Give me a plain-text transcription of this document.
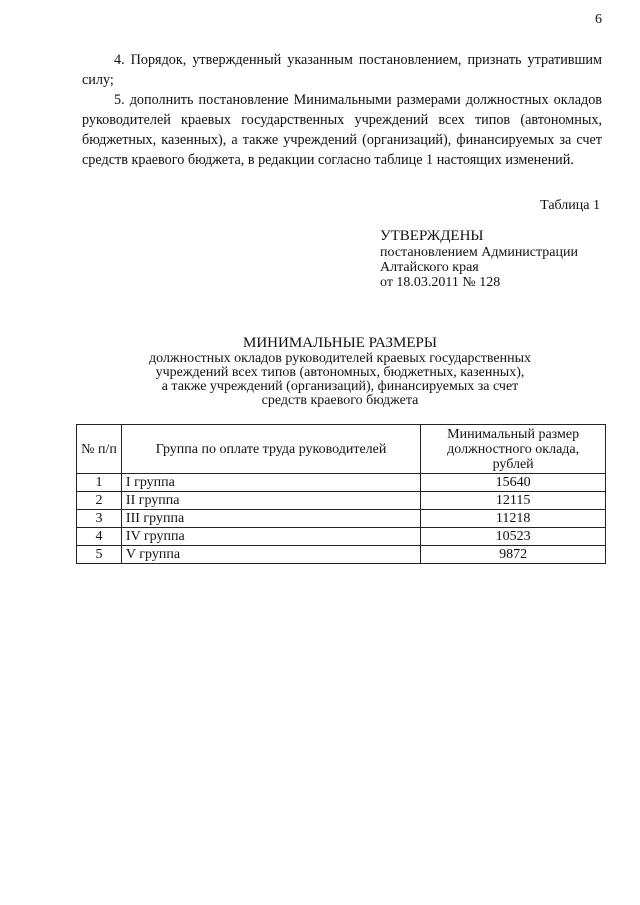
6

4. Порядок, утвержденный указанным постановлением, признать утратившим силу;

5. дополнить постановление Минимальными размерами должностных окладов руководителей краевых государственных учреждений всех типов (автономных, бюджетных, казенных), а также учреждений (организаций), финансируемых за счет средств краевого бюджета, в редакции согласно таблице 1 настоящих изменений.

Таблица 1
УТВЕРЖДЕНЫ
постановлением Администрации
Алтайского края
от 18.03.2011 № 128
МИНИМАЛЬНЫЕ РАЗМЕРЫ
должностных окладов руководителей краевых государственных
учреждений всех типов (автономных, бюджетных, казенных),
а также учреждений (организаций), финансируемых за счет
средств краевого бюджета
№ п/п	Группа по оплате труда руководителей	Минимальный размер должностного оклада, рублей
1	I группа	15640
2	II группа	12115
3	III группа	11218
4	IV группа	10523
5	V группа	9872
